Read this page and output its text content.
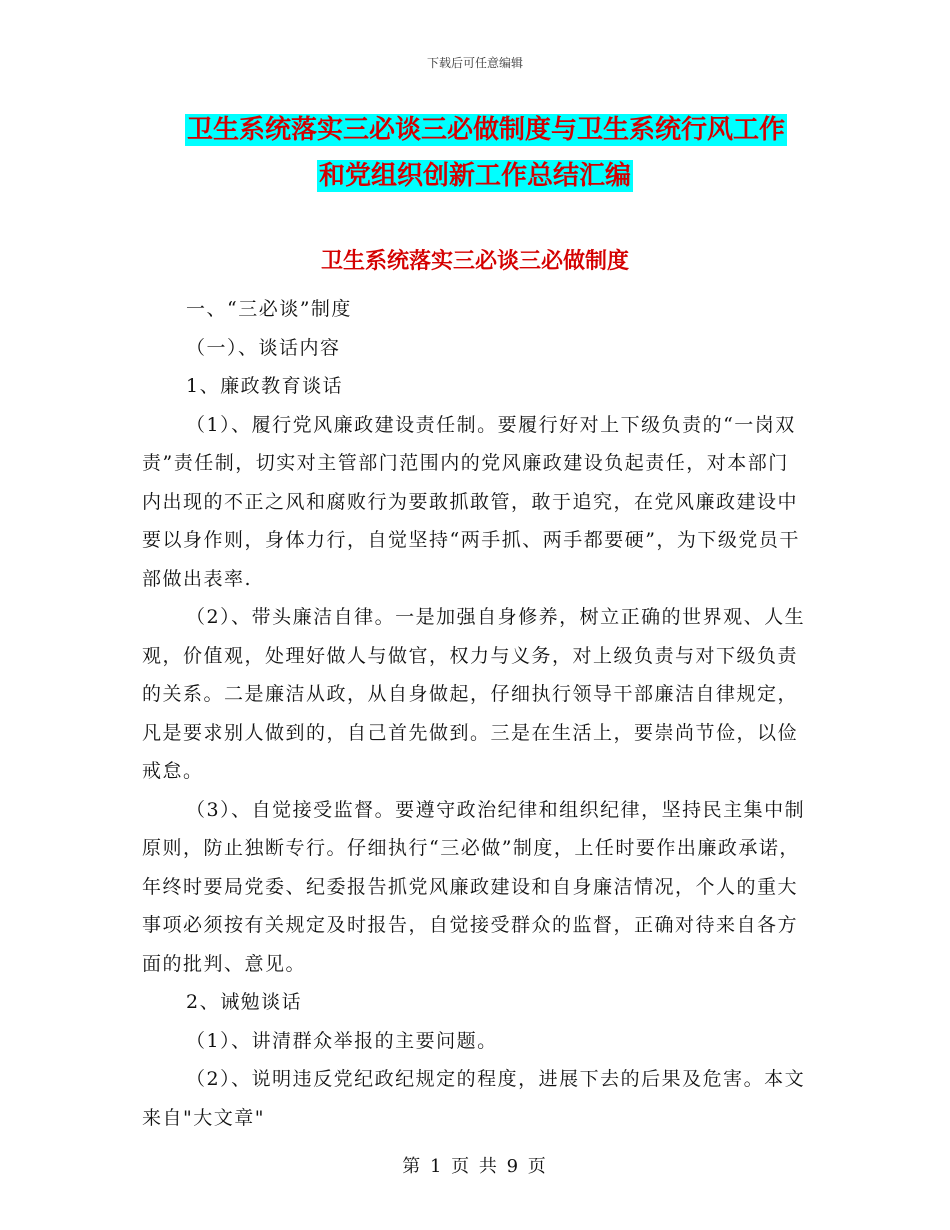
下载后可任意编辑
卫生系统落实三必谈三必做制度与卫生系统行风工作
和党组织创新工作总结汇编
卫生系统落实三必谈三必做制度

一、“三必谈”制度

（一）、谈话内容

1、廉政教育谈话

（1）、履行党风廉政建设责任制。要履行好对上下级负责的“一岗双责”责任制，切实对主管部门范围内的党风廉政建设负起责任，对本部门内出现的不正之风和腐败行为要敢抓敢管，敢于追究，在党风廉政建设中要以身作则，身体力行，自觉坚持“两手抓、两手都要硬”，为下级党员干部做出表率.

（2）、带头廉洁自律。一是加强自身修养，树立正确的世界观、人生观，价值观，处理好做人与做官，权力与义务，对上级负责与对下级负责的关系。二是廉洁从政，从自身做起，仔细执行领导干部廉洁自律规定，凡是要求别人做到的，自己首先做到。三是在生活上，要崇尚节俭，以俭戒怠。

（3）、自觉接受监督。要遵守政治纪律和组织纪律，坚持民主集中制原则，防止独断专行。仔细执行“三必做”制度，上任时要作出廉政承诺，年终时要局党委、纪委报告抓党风廉政建设和自身廉洁情况，个人的重大事项必须按有关规定及时报告，自觉接受群众的监督，正确对待来自各方面的批判、意见。

2、诫勉谈话

（1）、讲清群众举报的主要问题。

（2）、说明违反党纪政纪规定的程度，进展下去的后果及危害。本文来自"大文章"

第 1 页 共 9 页
